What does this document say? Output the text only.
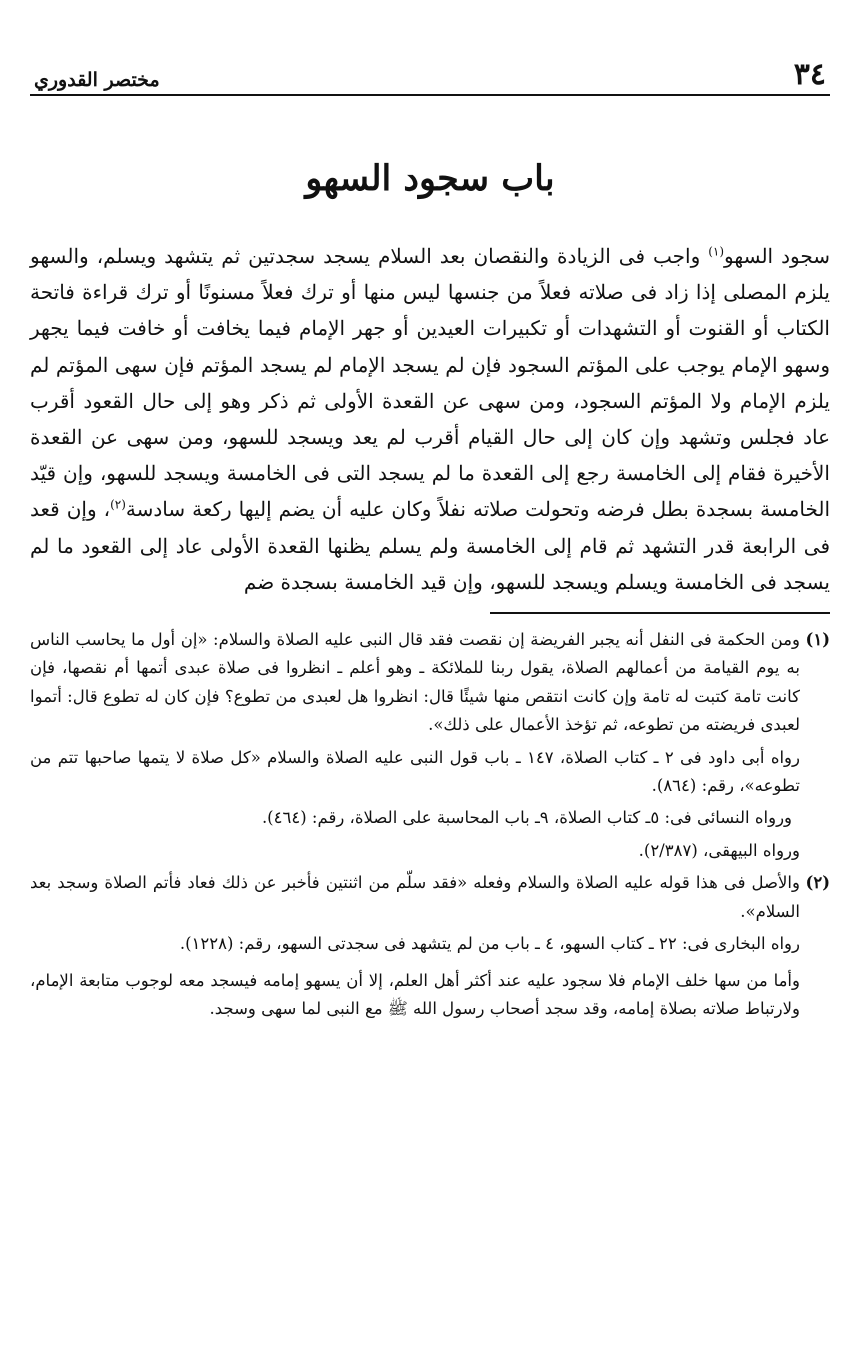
٣٤
مختصر القدوري
باب سجود السهو

سجود السهو$^{(١)}$ واجب فى الزيادة والنقصان بعد السلام يسجد سجدتين ثم يتشهد ويسلم، والسهو يلزم المصلى إذا زاد فى صلاته فعلاً من جنسها ليس منها أو ترك فعلاً مسنونًا أو ترك قراءة فاتحة الكتاب أو القنوت أو التشهدات أو تكبيرات العيدين أو جهر الإمام فيما يخافت أو خافت فيما يجهر وسهو الإمام يوجب على المؤتم السجود فإن لم يسجد الإمام لم يسجد المؤتم فإن سهى المؤتم لم يلزم الإمام ولا المؤتم السجود، ومن سهى عن القعدة الأولى ثم ذكر وهو إلى حال القعود أقرب عاد فجلس وتشهد وإن كان إلى حال القيام أقرب لم يعد ويسجد للسهو، ومن سهى عن القعدة الأخيرة فقام إلى الخامسة رجع إلى القعدة ما لم يسجد التى فى الخامسة ويسجد للسهو، وإن قيّد الخامسة بسجدة بطل فرضه وتحولت صلاته نفلاً وكان عليه أن يضم إليها ركعة سادسة$^{(٢)}$، وإن قعد فى الرابعة قدر التشهد ثم قام إلى الخامسة ولم يسلم يظنها القعدة الأولى عاد إلى القعود ما لم يسجد فى الخامسة ويسلم ويسجد للسهو، وإن قيد الخامسة بسجدة ضم

(١)

ومن الحكمة فى النفل أنه يجبر الفريضة إن نقصت فقد قال النبى عليه الصلاة والسلام: «إن أول ما يحاسب الناس به يوم القيامة من أعمالهم الصلاة، يقول ربنا للملائكة ـ وهو أعلم ـ انظروا فى صلاة عبدى أتمها أم نقصها، فإن كانت تامة كتبت له تامة وإن كانت انتقص منها شيئًا قال: انظروا هل لعبدى من تطوع؟ فإن كان له تطوع قال: أتموا لعبدى فريضته من تطوعه، ثم تؤخذ الأعمال على ذلك».

رواه أبى داود فى ٢ ـ كتاب الصلاة، ١٤٧ ـ باب قول النبى عليه الصلاة والسلام «كل صلاة لا يتمها صاحبها تتم من تطوعه»، رقم: (٨٦٤).

ورواه النسائى فى: ٥ـ كتاب الصلاة، ٩ـ باب المحاسبة على الصلاة، رقم: (٤٦٤).

ورواه البيهقى، (٢/٣٨٧).

(٢)

والأصل فى هذا قوله عليه الصلاة والسلام وفعله «فقد سلّم من اثنتين فأخبر عن ذلك فعاد فأتم الصلاة وسجد بعد السلام».

رواه البخارى فى: ٢٢ ـ كتاب السهو، ٤ ـ باب من لم يتشهد فى سجدتى السهو، رقم: (١٢٢٨).

وأما من سها خلف الإمام فلا سجود عليه عند أكثر أهل العلم، إلا أن يسهو إمامه فيسجد معه لوجوب متابعة الإمام، ولارتباط صلاته بصلاة إمامه، وقد سجد أصحاب رسول الله ﷺ مع النبى لما سهى وسجد.
